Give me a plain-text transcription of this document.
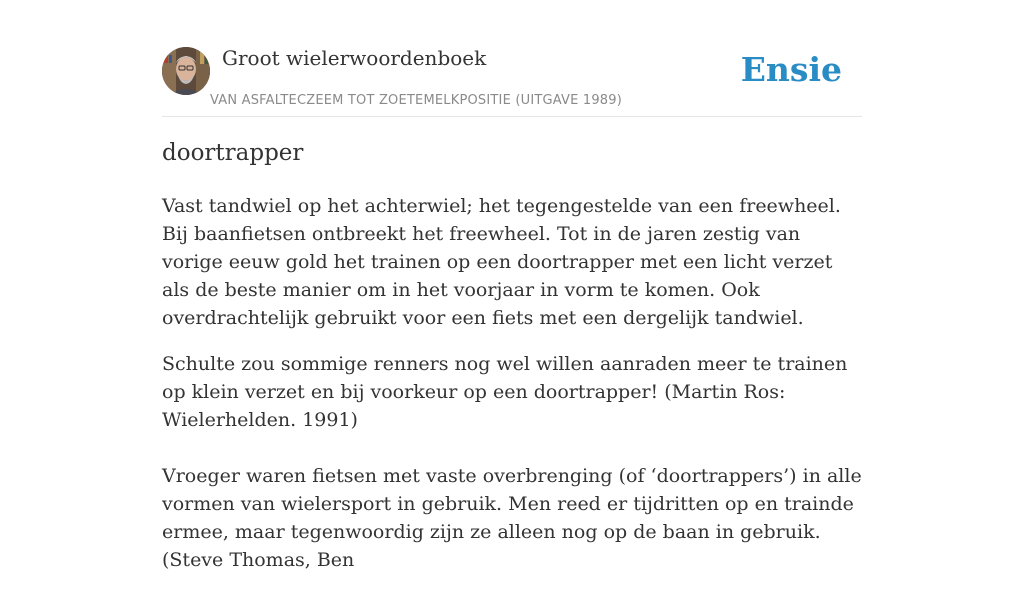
Groot wielerwoordenboek
VAN ASFALTECZEEM TOT ZOETEMELKPOSITIE (UITGAVE 1989)
Ensie
doortrapper

Vast tandwiel op het achterwiel; het tegengestelde van een freewheel. Bij baanfietsen ontbreekt het freewheel. Tot in de jaren zestig van vorige eeuw gold het trainen op een doortrapper met een licht verzet als de beste manier om in het voorjaar in vorm te komen. Ook overdrachtelijk gebruikt voor een fiets met een dergelijk tandwiel.

Schulte zou sommige renners nog wel willen aanraden meer te trainen op klein verzet en bij voorkeur op een doortrapper! (Martin Ros: Wielerhelden. 1991)

Vroeger waren fietsen met vaste overbrenging (of ‘doortrappers’) in alle vormen van wielersport in gebruik. Men reed er tijdritten op en trainde ermee, maar tegenwoordig zijn ze alleen nog op de baan in gebruik. (Steve Thomas, Ben
